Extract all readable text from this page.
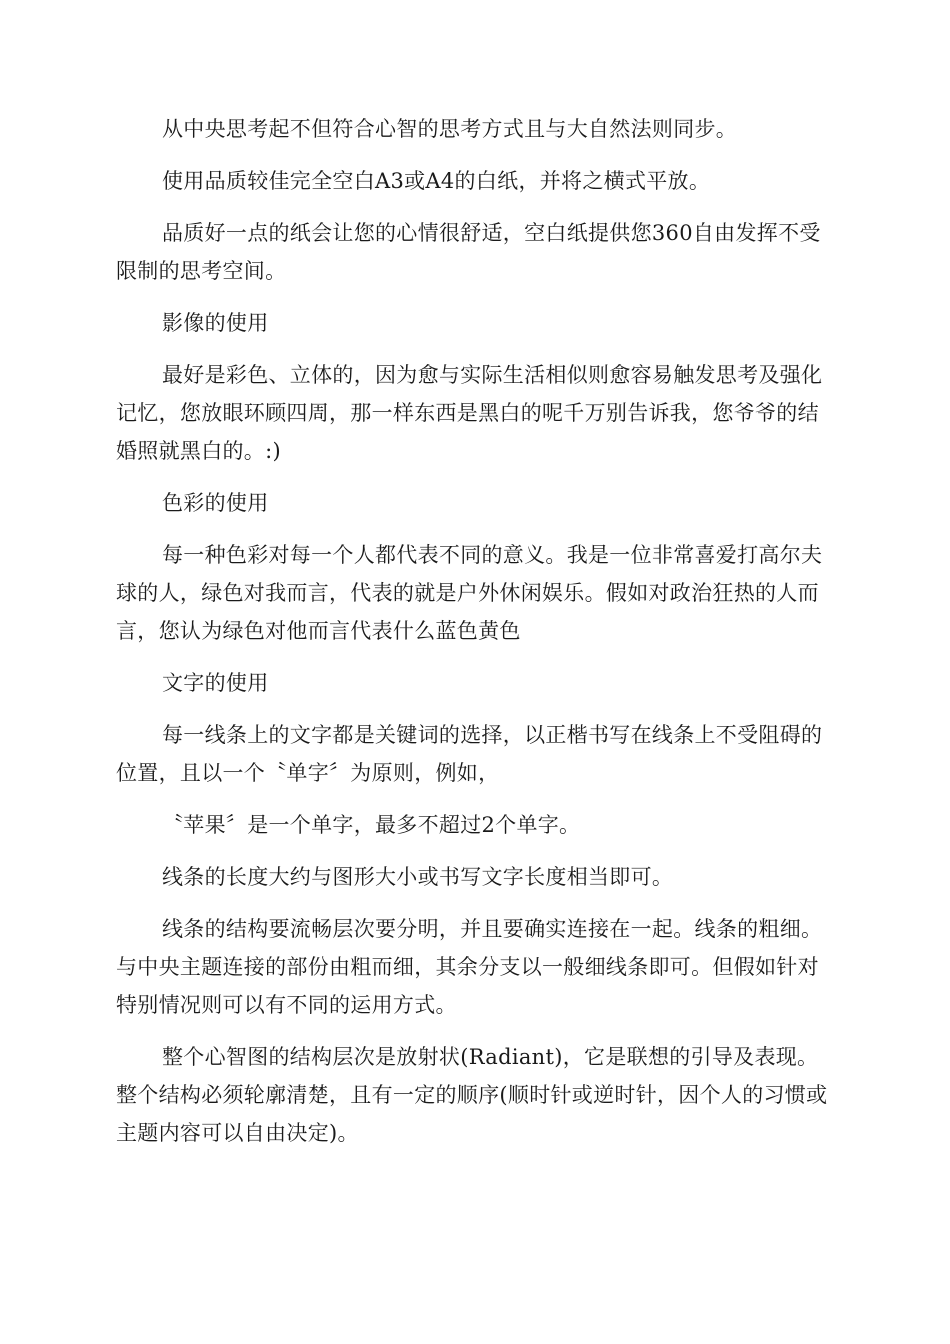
从中央思考起不但符合心智的思考方式且与大自然法则同步。

使用品质较佳完全空白A3或A4的白纸，并将之横式平放。

品质好一点的纸会让您的心情很舒适，空白纸提供您360自由发挥不受限制的思考空间。

影像的使用

最好是彩色、立体的，因为愈与实际生活相似则愈容易触发思考及强化记忆，您放眼环顾四周，那一样东西是黑白的呢千万别告诉我，您爷爷的结婚照就黑白的。:)

色彩的使用

每一种色彩对每一个人都代表不同的意义。我是一位非常喜爱打高尔夫球的人，绿色对我而言，代表的就是户外休闲娱乐。假如对政治狂热的人而言，您认为绿色对他而言代表什么蓝色黄色

文字的使用

每一线条上的文字都是关键词的选择，以正楷书写在线条上不受阻碍的位置，且以一个〝单字〞为原则，例如，

〝苹果〞是一个单字，最多不超过2个单字。

线条的长度大约与图形大小或书写文字长度相当即可。

线条的结构要流畅层次要分明，并且要确实连接在一起。线条的粗细。与中央主题连接的部份由粗而细，其余分支以一般细线条即可。但假如针对特别情况则可以有不同的运用方式。

整个心智图的结构层次是放射状(Radiant)，它是联想的引导及表现。整个结构必须轮廓清楚，且有一定的顺序(顺时针或逆时针，因个人的习惯或主题内容可以自由决定)。
